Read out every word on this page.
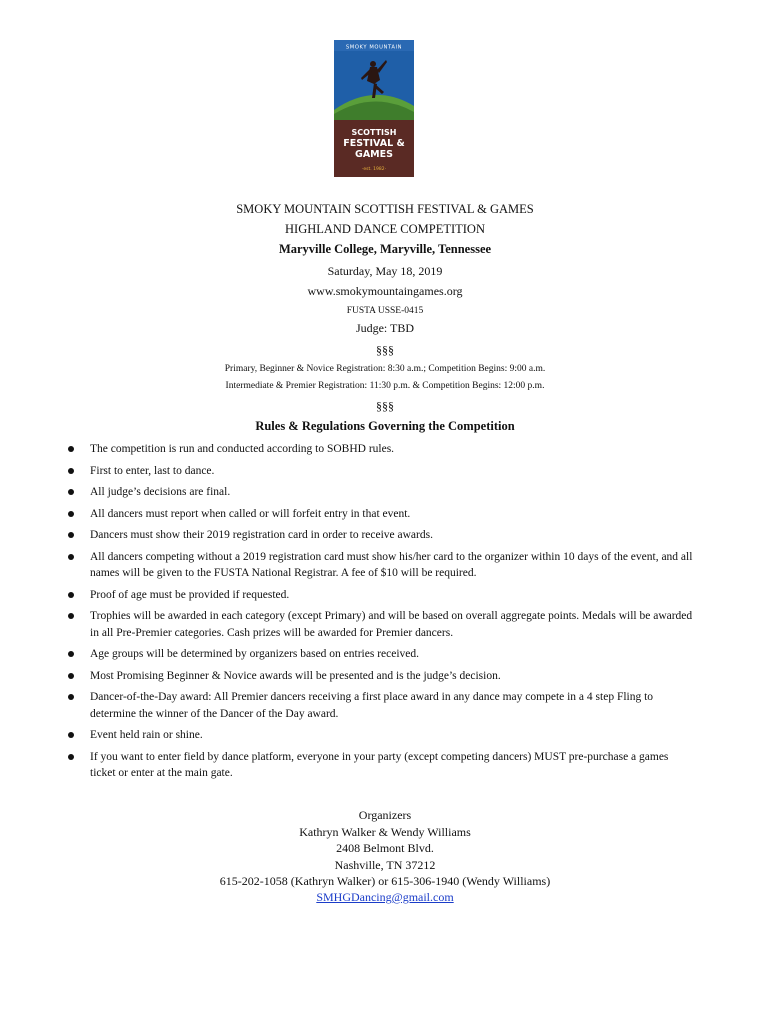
SMOKY MOUNTAIN
SCOTTISH
FESTIVAL &
GAMES
·est. 1982·
SMOKY MOUNTAIN SCOTTISH FESTIVAL & GAMES
HIGHLAND DANCE COMPETITION
Maryville College, Maryville, Tennessee
Saturday, May 18, 2019
www.smokymountaingames.org
FUSTA USSE-0415
Judge: TBD
§§§
Primary, Beginner & Novice Registration: 8:30 a.m.; Competition Begins: 9:00 a.m.
Intermediate & Premier Registration: 11:30 p.m. & Competition Begins: 12:00 p.m.
§§§
Rules & Regulations Governing the Competition
The competition is run and conducted according to SOBHD rules.
First to enter, last to dance.
All judge’s decisions are final.
All dancers must report when called or will forfeit entry in that event.
Dancers must show their 2019 registration card in order to receive awards.
All dancers competing without a 2019 registration card must show his/her card to the organizer within 10 days of the event, and all names will be given to the FUSTA National Registrar. A fee of $10 will be required.
Proof of age must be provided if requested.
Trophies will be awarded in each category (except Primary) and will be based on overall aggregate points. Medals will be awarded in all Pre-Premier categories. Cash prizes will be awarded for Premier dancers.
Age groups will be determined by organizers based on entries received.
Most Promising Beginner & Novice awards will be presented and is the judge’s decision.
Dancer-of-the-Day award: All Premier dancers receiving a first place award in any dance may compete in a 4 step Fling to determine the winner of the Dancer of the Day award.
Event held rain or shine.
If you want to enter field by dance platform, everyone in your party (except competing dancers) MUST pre-purchase a games ticket or enter at the main gate.
Organizers
Kathryn Walker & Wendy Williams
2408 Belmont Blvd.
Nashville, TN 37212
615-202-1058 (Kathryn Walker) or 615-306-1940 (Wendy Williams)
SMHGDancing@gmail.com
